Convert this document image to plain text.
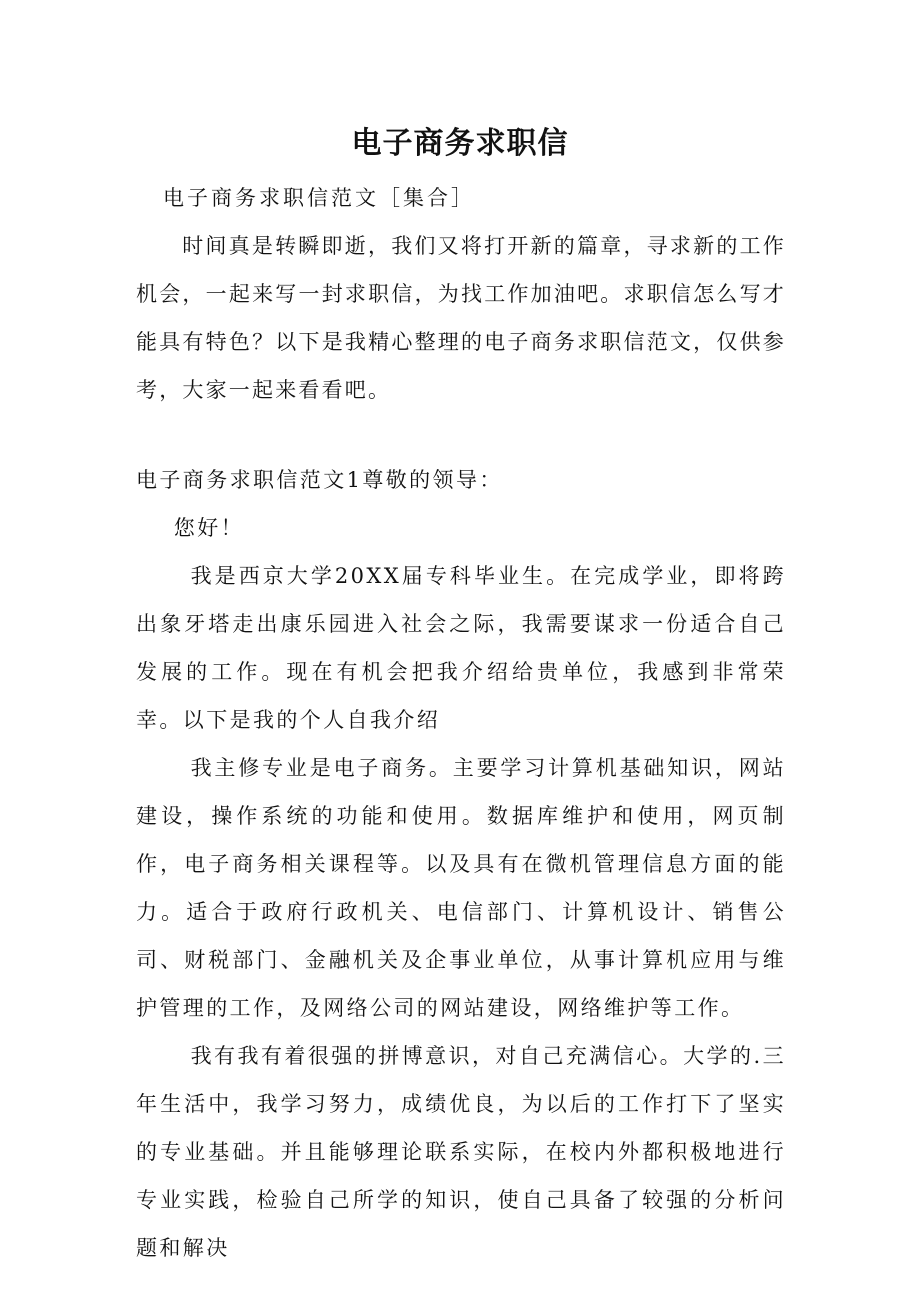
电子商务求职信

电子商务求职信范文［集合］

时间真是转瞬即逝，我们又将打开新的篇章，寻求新的工作机会，一起来写一封求职信，为找工作加油吧。求职信怎么写才能具有特色？以下是我精心整理的电子商务求职信范文，仅供参考，大家一起来看看吧。

电子商务求职信范文1尊敬的领导：

您好！

我是西京大学20XX届专科毕业生。在完成学业，即将跨出象牙塔走出康乐园进入社会之际，我需要谋求一份适合自己发展的工作。现在有机会把我介绍给贵单位，我感到非常荣幸。以下是我的个人自我介绍

我主修专业是电子商务。主要学习计算机基础知识，网站建设，操作系统的功能和使用。数据库维护和使用，网页制作，电子商务相关课程等。以及具有在微机管理信息方面的能力。适合于政府行政机关、电信部门、计算机设计、销售公司、财税部门、金融机关及企事业单位，从事计算机应用与维护管理的工作，及网络公司的网站建设，网络维护等工作。

我有我有着很强的拼博意识，对自己充满信心。大学的.三年生活中，我学习努力，成绩优良，为以后的工作打下了坚实的专业基础。并且能够理论联系实际，在校内外都积极地进行专业实践，检验自己所学的知识，使自己具备了较强的分析问题和解决
